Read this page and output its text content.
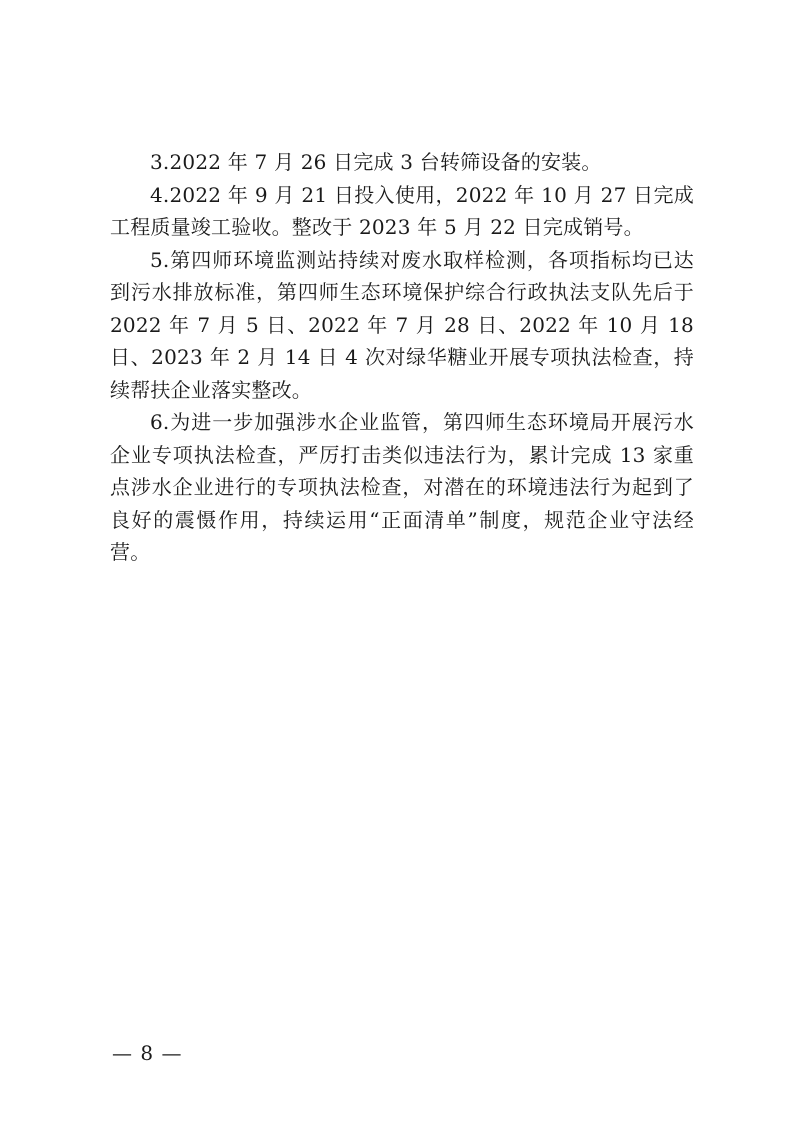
3.2022 年 7 月 26 日完成 3 台转筛设备的安装。

4.2022 年 9 月 21 日投入使用，2022 年 10 月 27 日完成工程质量竣工验收。整改于 2023 年 5 月 22 日完成销号。

5.第四师环境监测站持续对废水取样检测，各项指标均已达到污水排放标准，第四师生态环境保护综合行政执法支队先后于 2022 年 7 月 5 日、2022 年 7 月 28 日、2022 年 10 月 18 日、2023 年 2 月 14 日 4 次对绿华糖业开展专项执法检查，持续帮扶企业落实整改。

6.为进一步加强涉水企业监管，第四师生态环境局开展污水企业专项执法检查，严厉打击类似违法行为，累计完成 13 家重点涉水企业进行的专项执法检查，对潜在的环境违法行为起到了良好的震慑作用，持续运用“正面清单”制度，规范企业守法经营。

— 8 —
